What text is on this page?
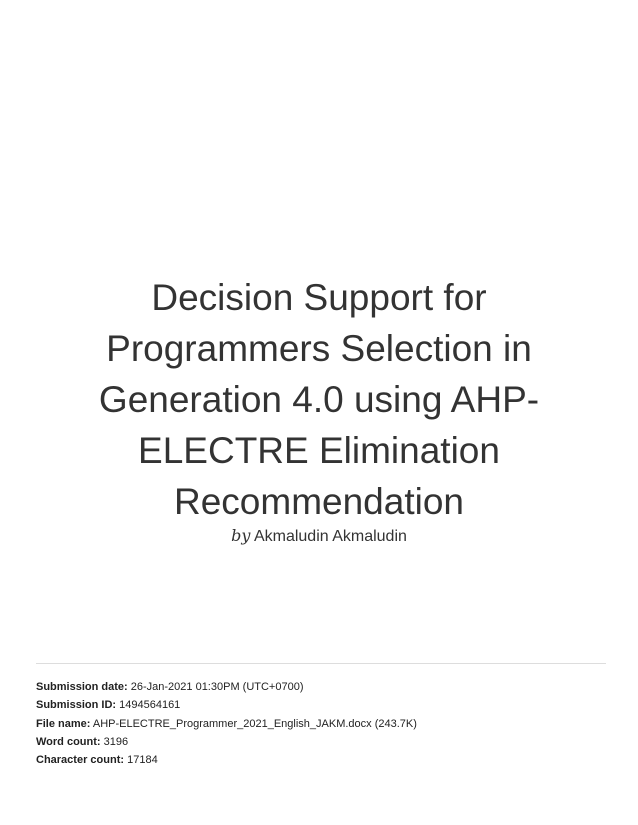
Decision Support for
Programmers Selection in
Generation 4.0 using AHP-
ELECTRE Elimination
Recommendation
by Akmaludin Akmaludin
Submission date: 26-Jan-2021 01:30PM (UTC+0700)
Submission ID: 1494564161
File name: AHP-ELECTRE_Programmer_2021_English_JAKM.docx (243.7K)
Word count: 3196
Character count: 17184
